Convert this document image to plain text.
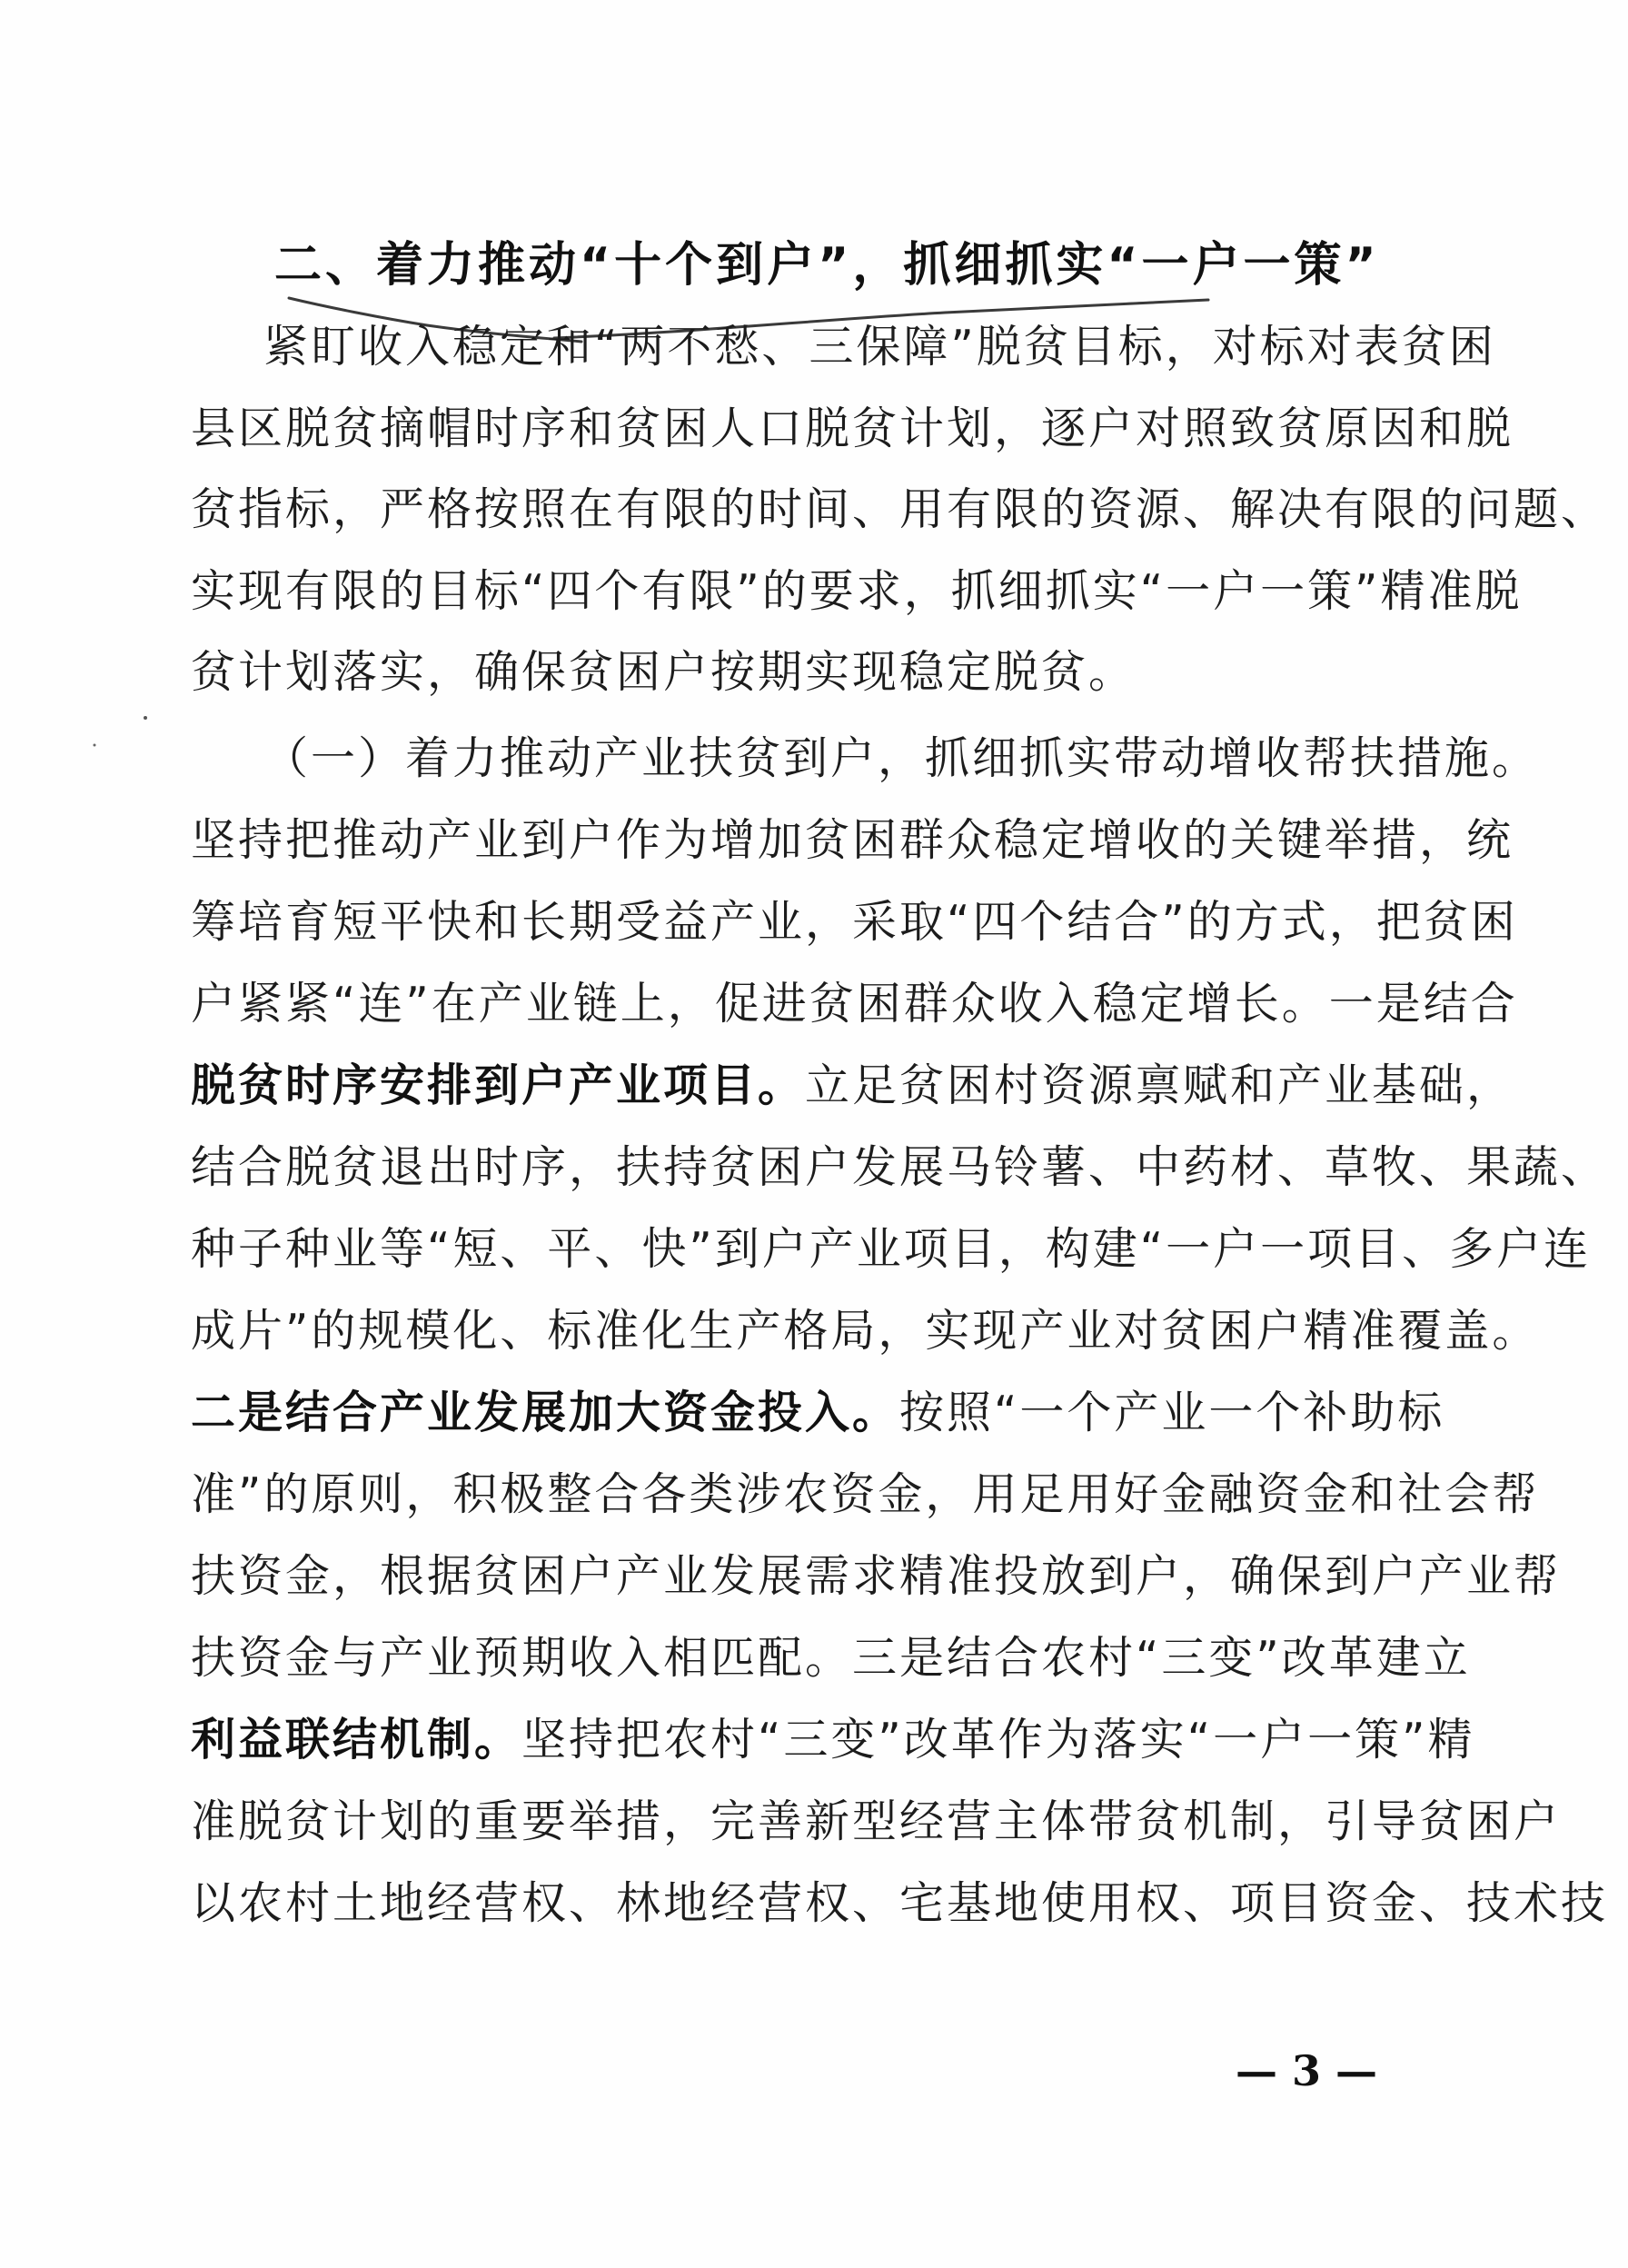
二、着力推动“十个到户”，抓细抓实“一户一策”
紧盯收入稳定和“两不愁、三保障”脱贫目标，对标对表贫困
县区脱贫摘帽时序和贫困人口脱贫计划，逐户对照致贫原因和脱
贫指标，严格按照在有限的时间、用有限的资源、解决有限的问题、
实现有限的目标“四个有限”的要求，抓细抓实“一户一策”精准脱
贫计划落实，确保贫困户按期实现稳定脱贫。
（一）着力推动产业扶贫到户，抓细抓实带动增收帮扶措施。
坚持把推动产业到户作为增加贫困群众稳定增收的关键举措，统
筹培育短平快和长期受益产业，采取“四个结合”的方式，把贫困
户紧紧“连”在产业链上，促进贫困群众收入稳定增长。一是结合
脱贫时序安排到户产业项目。立足贫困村资源禀赋和产业基础，
结合脱贫退出时序，扶持贫困户发展马铃薯、中药材、草牧、果蔬、
种子种业等“短、平、快”到户产业项目，构建“一户一项目、多户连
成片”的规模化、标准化生产格局，实现产业对贫困户精准覆盖。
二是结合产业发展加大资金投入。按照“一个产业一个补助标
准”的原则，积极整合各类涉农资金，用足用好金融资金和社会帮
扶资金，根据贫困户产业发展需求精准投放到户，确保到户产业帮
扶资金与产业预期收入相匹配。三是结合农村“三变”改革建立
利益联结机制。坚持把农村“三变”改革作为落实“一户一策”精
准脱贫计划的重要举措，完善新型经营主体带贫机制，引导贫困户
以农村土地经营权、林地经营权、宅基地使用权、项目资金、技术技
— 3 —
